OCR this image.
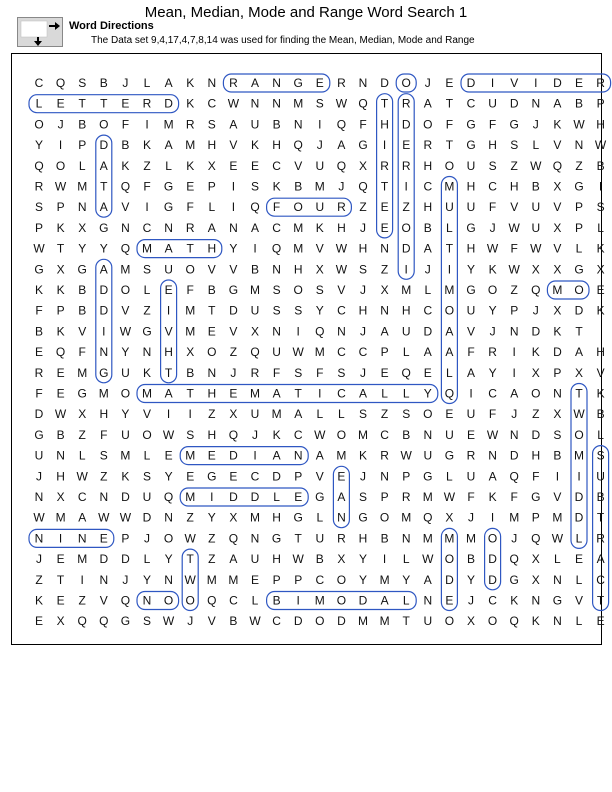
Mean, Median, Mode and Range Word Search 1
Word Directions
The Data set 9,4,17,4,7,8,14 was used for finding the Mean, Median, Mode and Range
C Q S B J L A K N R A N G E R N D O J E D I V I D E R
L E T T E R D K C W N N M S W Q T R A T C U D N A B P
O J B O F I M R S A U B N I Q F H D O F G F G J K W H
Y I P D B K A M H V K H Q J A G I E R T G H S L V N W
Q O L A K Z L K X E E C V U Q X R R H O U S Z W Q Z B
R W M T Q F G E P I S K B M J Q T I C M H C H B X G I
S P N A V I G F L I Q F O U R Z E Z H U U F V U V P S
P K X G N C N R A N A C M K H J E O B L G J W U X P L
W T Y Y Q M A T H Y I Q M V W H N D A T H W F W V L K
G X G A M S U O V V B N H X W S Z I J I Y K W X X G X
K K B D O L E F B G M S O S V J X M L M G O Z Q M O E
F P B D V Z I M T D U S S Y C H N H C O U Y P J X D K
B K V I W G V M E V X N I Q N J A U D A V J N D K T
E Q F N Y N H X O Z Q U W M C C P L A A F R I K D A H
R E M G U K T B N J R F S F S J E Q E L A Y I X P X V
F E G M O M A T H E M A T I C A L L Y Q I C A O N T K
D W X H Y V I I Z X U M A L L S Z S O E U F J Z X W B
G B Z F U O W S H Q J K C W O M C B N U E W N D S O L
U N L S M L E M E D I A N A M K R W U G R N D H B M S
J H W Z K S Y E G E C D P V E J N P G L U A Q F I I U
N X C N D U Q M I D D L E G A S P R M W F K F G V D B
W M A W W D N Z Y X M H G L N G O M Q X J I M P M D T
N I N E P J O W Z Q N G T U R H B N M M M O J Q W L R
J E M D D L Y T Z A U H W B X Y I L W O B D Q X L E A
Z T I N J Y N W M M E P P C O Y M Y A D Y D G X N L C
K E Z V Q N O O Q C L B I M O D A L N E J C K N G V T
E X Q Q G S W J V B W C D O D M M T U O X O Q K N L E
